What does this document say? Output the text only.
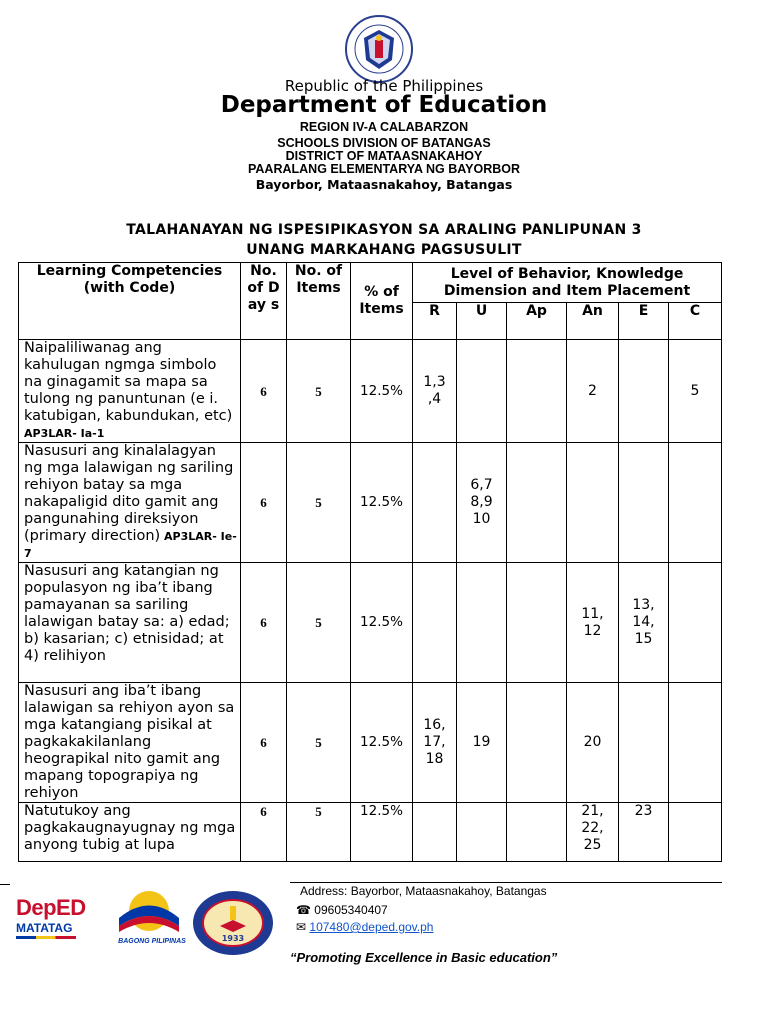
Republic of the Philippines
Department of Education
REGION IV-A CALABARZON
SCHOOLS DIVISION OF BATANGAS
DISTRICT OF MATAASNAKAHOY
PAARALANG ELEMENTARYA NG BAYORBOR
Bayorbor, Mataasnakahoy, Batangas
TALAHANAYAN NG ISPESIPIKASYON SA ARALING PANLIPUNAN 3
UNANG MARKAHANG PAGSUSULIT
Learning Competencies (with Code)	No. of Day s	No. of Items	% of Items	Level of Behavior, Knowledge Dimension and Item Placement					
				R	U	Ap	An	E	C
Naipaliliwanag ang kahulugan ngmga simbolo na ginagamit sa mapa sa tulong ng panuntunan (e i. katubigan, kabundukan, etc) AP3LAR- Ia-1	6	5	12.5%	1,3 ,4			2		5
Nasusuri ang kinalalagyan ng mga lalawigan ng sariling rehiyon batay sa mga nakapaligid dito gamit ang pangunahing direksiyon (primary direction) AP3LAR- Ie-7	6	5	12.5%		6,7 8,9 10				
Nasusuri ang katangian ng populasyon ng iba’t ibang pamayanan sa sariling lalawigan batay sa: a) edad; b) kasarian; c) etnisidad; at 4) relihiyon	6	5	12.5%				11, 12	13, 14, 15	
Nasusuri ang iba’t ibang lalawigan sa rehiyon ayon sa mga katangiang pisikal at pagkakakilanlang heograpikal nito gamit ang mapang topograpiya ng rehiyon	6	5	12.5%	16, 17, 18	19		20		
Natutukoy ang pagkakaugnayugnay ng mga anyong tubig at lupa	6	5	12.5%				21, 22, 25	23	
DepED
MATATAG
BAGONG PILIPINAS	1933
Address: Bayorbor, Mataasnakahoy, Batangas
☎ 09605340407
✉ 107480@deped.gov.ph
“Promoting Excellence in Basic education”
